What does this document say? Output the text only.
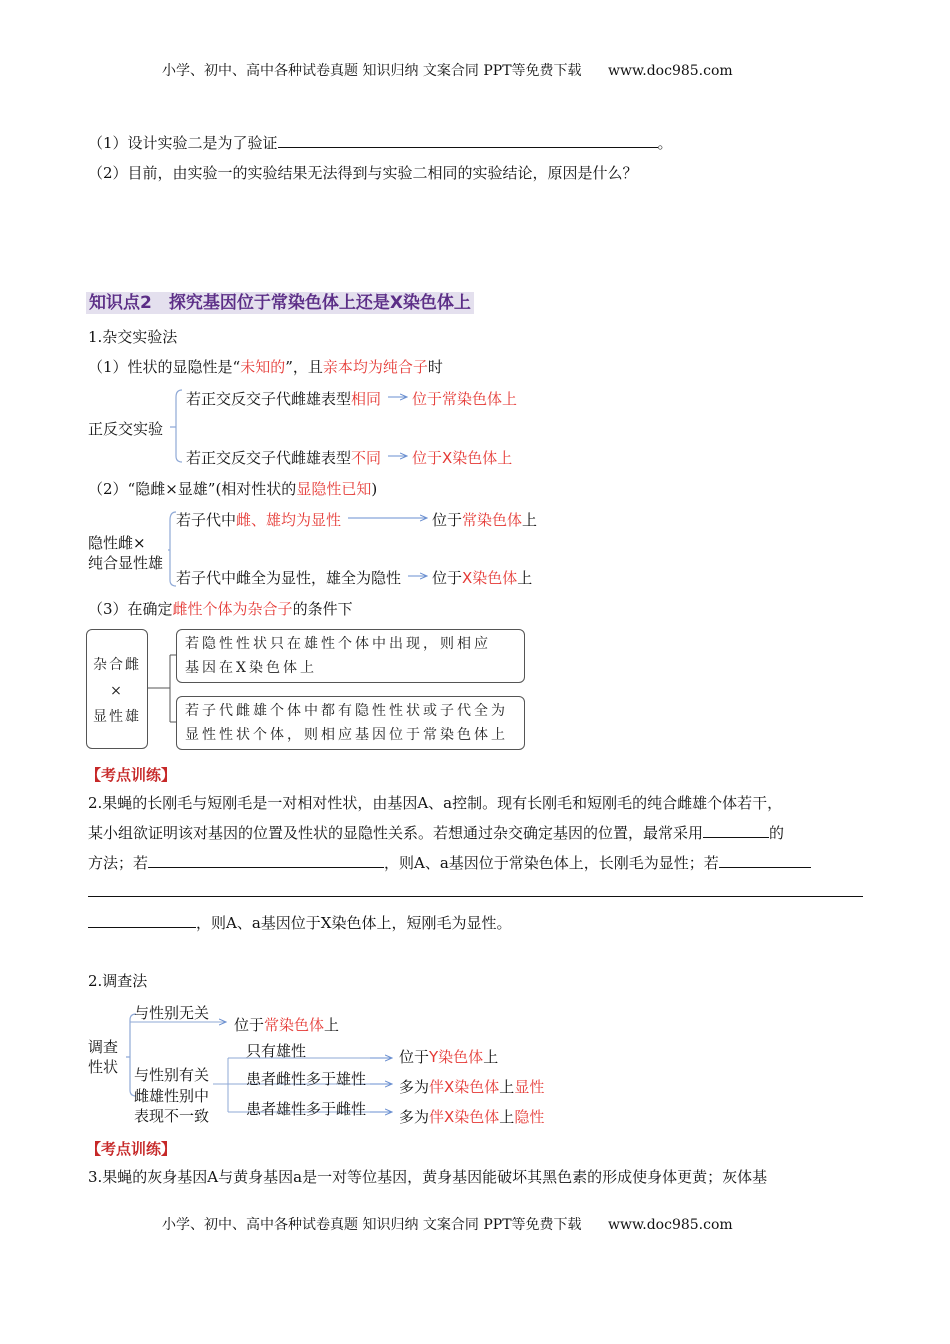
小学、初中、高中各种试卷真题 知识归纳 文案合同 PPT等免费下载 www.doc985.com
（1）设计实验二是为了验证	。
（2）目前，由实验一的实验结果无法得到与实验二相同的实验结论，原因是什么？
知识点2　探究基因位于常染色体上还是X染色体上
1.杂交实验法
（1）性状的显隐性是“未知的”，且亲本均为纯合子时
正反交实验
若正交反交子代雌雄表型相同 位于常染色体上
若正交反交子代雌雄表型不同 位于X染色体上
（2）“隐雌×显雄”(相对性状的显隐性已知)
隐性雌×
纯合显性雄
若子代中雌、雄均为显性	位于常染色体上
若子代中雌全为显性，雄全为隐性 位于X染色体上
（3）在确定雌性个体为杂合子的条件下
杂合雌
×
显性雄
若隐性性状只在雄性个体中出现，则相应
基因在X染色体上
若子代雌雄个体中都有隐性性状或子代全为
显性性状个体，则相应基因位于常染色体上
【考点训练】
2.果蝇的长刚毛与短刚毛是一对相对性状，由基因A、a控制。现有长刚毛和短刚毛的纯合雌雄个体若干，
某小组欲证明该对基因的位置及性状的显隐性关系。若想通过杂交确定基因的位置，最常采用	的
方法；若	，则A、a基因位于常染色体上，长刚毛为显性；若
，则A、a基因位于X染色体上，短刚毛为显性。
2.调查法
调查
性状
与性别无关
位于常染色体上
与性别有关
雌雄性别中
表现不一致
只有雄性
患者雌性多于雄性
患者雄性多于雌性
位于Y染色体上
多为伴X染色体上显性
多为伴X染色体上隐性
【考点训练】
3.果蝇的灰身基因A与黄身基因a是一对等位基因，黄身基因能破坏其黑色素的形成使身体更黄；灰体基
小学、初中、高中各种试卷真题 知识归纳 文案合同 PPT等免费下载 www.doc985.com
